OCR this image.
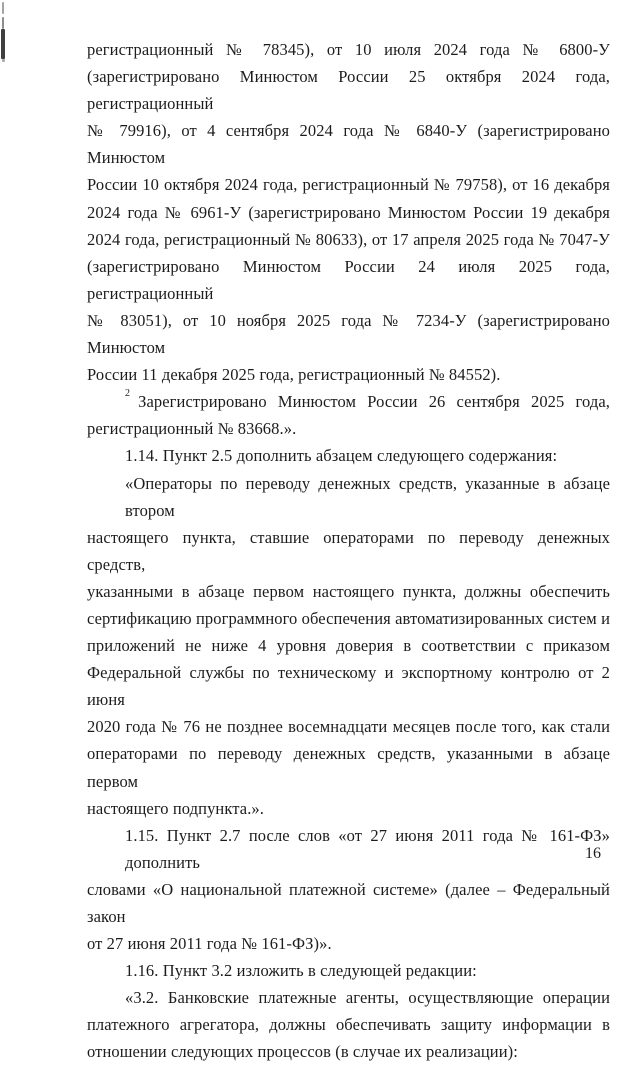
регистрационный № 78345), от 10 июля 2024 года № 6800-У
(зарегистрировано Минюстом России 25 октября 2024 года, регистрационный
№ 79916), от 4 сентября 2024 года № 6840-У (зарегистрировано Минюстом
России 10 октября 2024 года, регистрационный № 79758), от 16 декабря
2024 года № 6961-У (зарегистрировано Минюстом России 19 декабря
2024 года, регистрационный № 80633), от 17 апреля 2025 года № 7047-У
(зарегистрировано Минюстом России 24 июля 2025 года, регистрационный
№ 83051), от 10 ноября 2025 года № 7234-У (зарегистрировано Минюстом
России 11 декабря 2025 года, регистрационный № 84552).
$^2$ Зарегистрировано Минюстом России 26 сентября 2025 года,
регистрационный № 83668.».
1.14. Пункт 2.5 дополнить абзацем следующего содержания:
«Операторы по переводу денежных средств, указанные в абзаце втором
настоящего пункта, ставшие операторами по переводу денежных средств,
указанными в абзаце первом настоящего пункта, должны обеспечить
сертификацию программного обеспечения автоматизированных систем и
приложений не ниже 4 уровня доверия в соответствии с приказом
Федеральной службы по техническому и экспортному контролю от 2 июня
2020 года № 76 не позднее восемнадцати месяцев после того, как стали
операторами по переводу денежных средств, указанными в абзаце первом
настоящего подпункта.».
1.15. Пункт 2.7 после слов «от 27 июня 2011 года № 161-ФЗ» дополнить
словами «О национальной платежной системе» (далее – Федеральный закон
от 27 июня 2011 года № 161-ФЗ)».
1.16. Пункт 3.2 изложить в следующей редакции:
«3.2. Банковские платежные агенты, осуществляющие операции
платежного агрегатора, должны обеспечивать защиту информации в
отношении следующих процессов (в случае их реализации):
16
